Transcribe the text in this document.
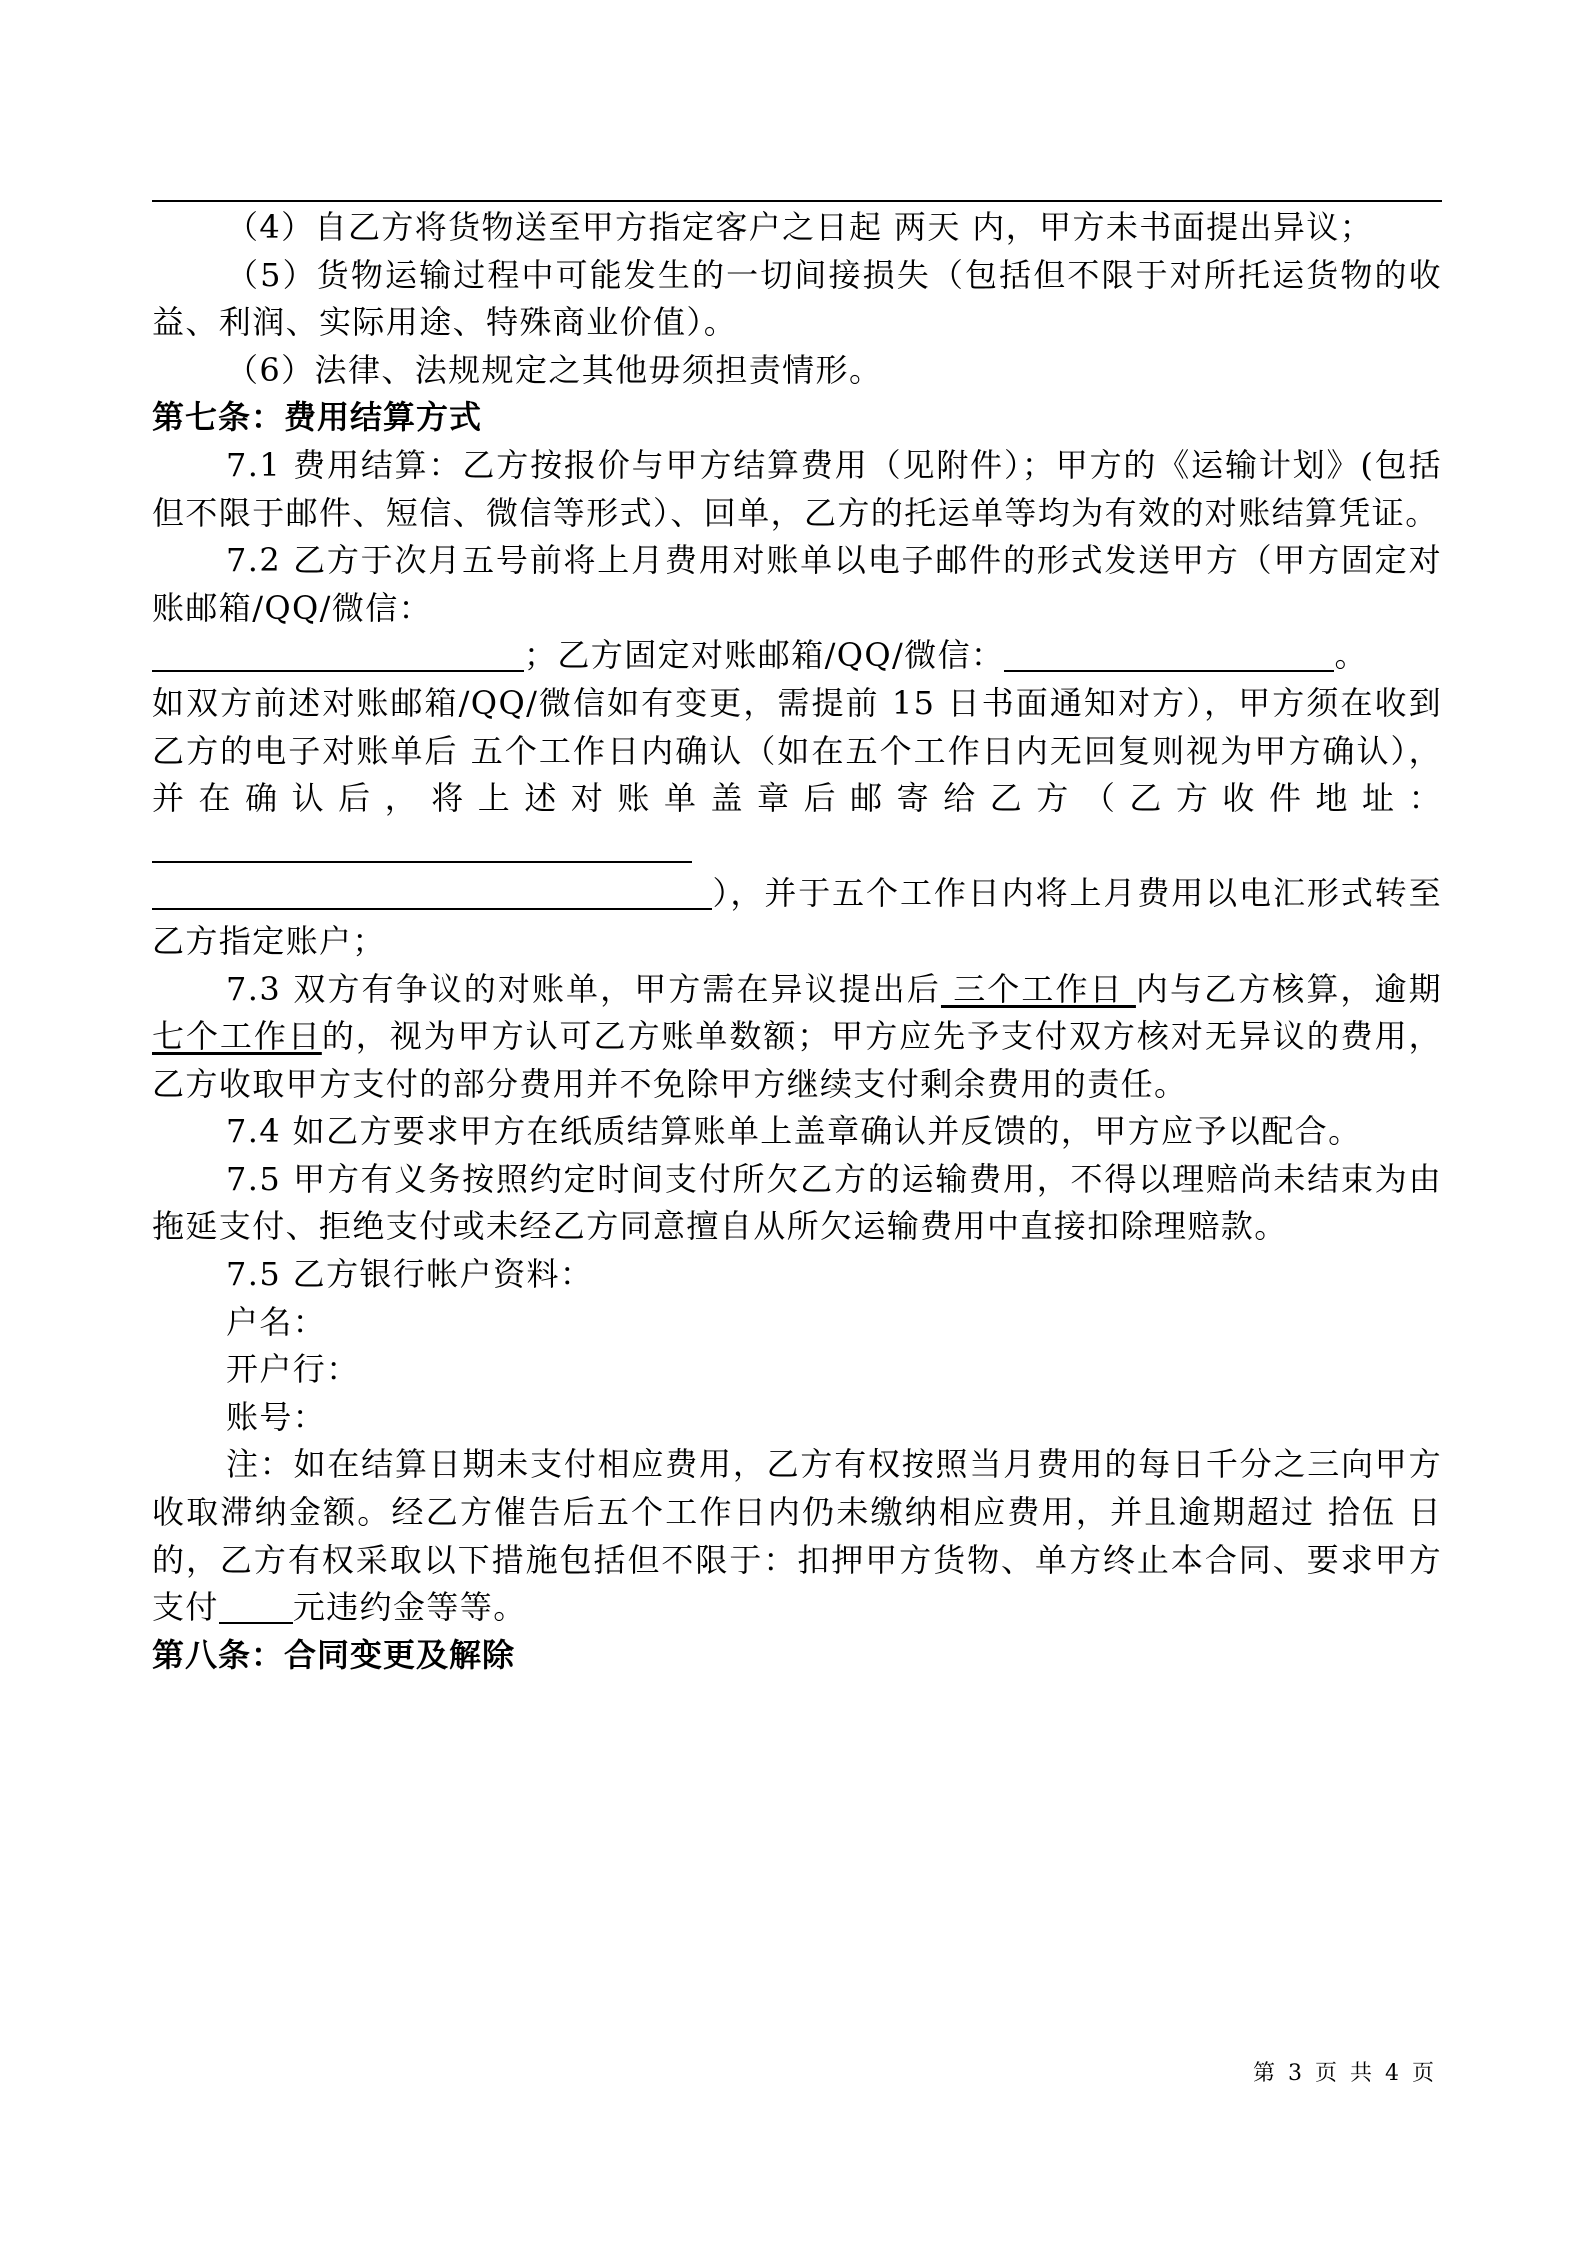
（4）自乙方将货物送至甲方指定客户之日起 两天 内，甲方未书面提出异议；

（5）货物运输过程中可能发生的一切间接损失（包括但不限于对所托运货物的收益、利润、实际用途、特殊商业价值）。

（6）法律、法规规定之其他毋须担责情形。

第七条：费用结算方式

7.1 费用结算：乙方按报价与甲方结算费用（见附件）；甲方的《运输计划》(包括但不限于邮件、短信、微信等形式）、回单，乙方的托运单等均为有效的对账结算凭证。

7.2 乙方于次月五号前将上月费用对账单以电子邮件的形式发送甲方（甲方固定对账邮箱/QQ/微信：

；乙方固定对账邮箱/QQ/微信：	。

如双方前述对账邮箱/QQ/微信如有变更，需提前 15 日书面通知对方），甲方须在收到乙方的电子对账单后 五个工作日内确认（如在五个工作日内无回复则视为甲方确认），并在确认后，将上述对账单盖章后邮寄给乙方（乙方收件地址：

），并于五个工作日内将上月费用以电汇形式转至乙方指定账户；

7.3 双方有争议的对账单，甲方需在异议提出后 三个工作日 内与乙方核算，逾期 七个工作日的，视为甲方认可乙方账单数额；甲方应先予支付双方核对无异议的费用，乙方收取甲方支付的部分费用并不免除甲方继续支付剩余费用的责任。

7.4 如乙方要求甲方在纸质结算账单上盖章确认并反馈的，甲方应予以配合。

7.5 甲方有义务按照约定时间支付所欠乙方的运输费用，不得以理赔尚未结束为由拖延支付、拒绝支付或未经乙方同意擅自从所欠运输费用中直接扣除理赔款。

7.5 乙方银行帐户资料：

户名：

开户行：

账号：

注：如在结算日期未支付相应费用，乙方有权按照当月费用的每日千分之三向甲方收取滞纳金额。经乙方催告后五个工作日内仍未缴纳相应费用，并且逾期超过 拾伍 日的，乙方有权采取以下措施包括但不限于：扣押甲方货物、单方终止本合同、要求甲方支付 元违约金等等。

第八条：合同变更及解除

第 3 页 共 4 页
